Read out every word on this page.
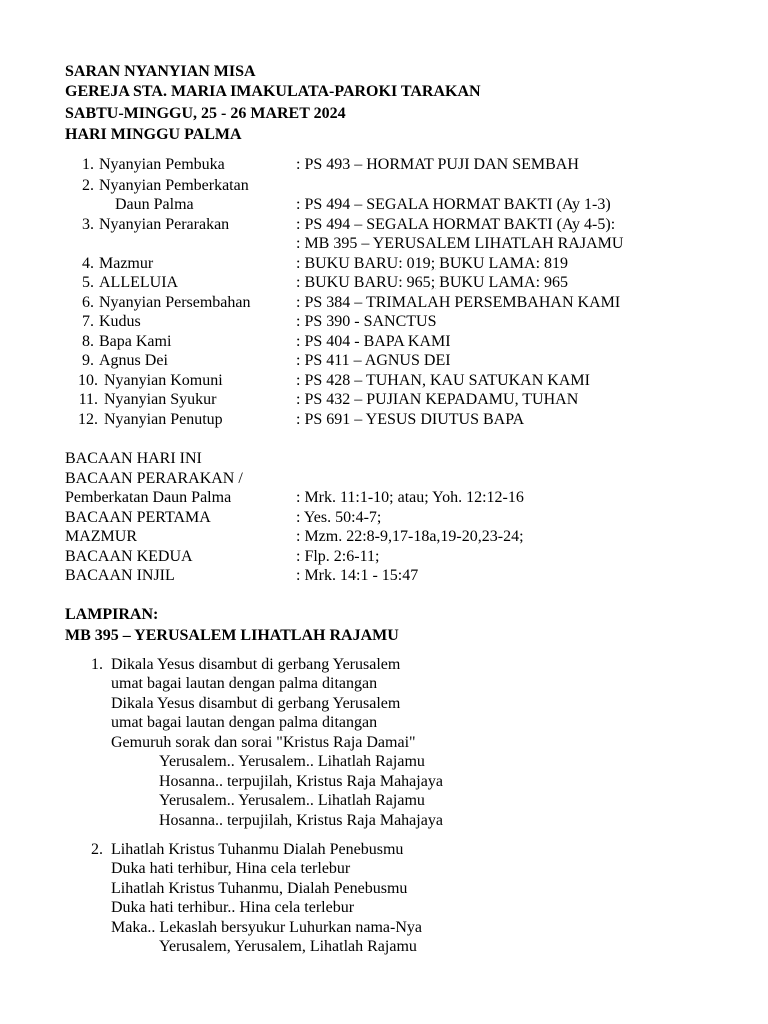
SARAN NYANYIAN MISA
GEREJA STA. MARIA IMAKULATA-PAROKI TARAKAN
SABTU-MINGGU, 25 - 26 MARET 2024
HARI MINGGU PALMA
1. Nyanyian Pembuka	: PS 493 – HORMAT PUJI DAN SEMBAH
2. Nyanyian Pemberkatan
Daun Palma	: PS 494 – SEGALA HORMAT BAKTI (Ay 1-3)
3. Nyanyian Perarakan	: PS 494 – SEGALA HORMAT BAKTI (Ay 4-5):
: MB 395 – YERUSALEM LIHATLAH RAJAMU
4. Mazmur	: BUKU BARU: 019; BUKU LAMA: 819
5. ALLELUIA	: BUKU BARU: 965; BUKU LAMA: 965
6. Nyanyian Persembahan	: PS 384 – TRIMALAH PERSEMBAHAN KAMI
7. Kudus	: PS 390 - SANCTUS
8. Bapa Kami	: PS 404 - BAPA KAMI
9. Agnus Dei	: PS 411 – AGNUS DEI
10. Nyanyian Komuni	: PS 428 – TUHAN, KAU SATUKAN KAMI
11. Nyanyian Syukur	: PS 432 – PUJIAN KEPADAMU, TUHAN
12. Nyanyian Penutup	: PS 691 – YESUS DIUTUS BAPA
BACAAN HARI INI
BACAAN PERARAKAN /
Pemberkatan Daun Palma	: Mrk. 11:1-10; atau; Yoh. 12:12-16
BACAAN PERTAMA	: Yes. 50:4-7;
MAZMUR	: Mzm. 22:8-9,17-18a,19-20,23-24;
BACAAN KEDUA	: Flp. 2:6-11;
BACAAN INJIL	: Mrk. 14:1 - 15:47
LAMPIRAN:
MB 395 – YERUSALEM LIHATLAH RAJAMU
1. Dikala Yesus disambut di gerbang Yerusalem
umat bagai lautan dengan palma ditangan
Dikala Yesus disambut di gerbang Yerusalem
umat bagai lautan dengan palma ditangan
Gemuruh sorak dan sorai "Kristus Raja Damai"
Yerusalem.. Yerusalem.. Lihatlah Rajamu
Hosanna.. terpujilah, Kristus Raja Mahajaya
Yerusalem.. Yerusalem.. Lihatlah Rajamu
Hosanna.. terpujilah, Kristus Raja Mahajaya
2. Lihatlah Kristus Tuhanmu Dialah Penebusmu
Duka hati terhibur, Hina cela terlebur
Lihatlah Kristus Tuhanmu, Dialah Penebusmu
Duka hati terhibur.. Hina cela terlebur
Maka.. Lekaslah bersyukur Luhurkan nama-Nya
Yerusalem, Yerusalem, Lihatlah Rajamu
